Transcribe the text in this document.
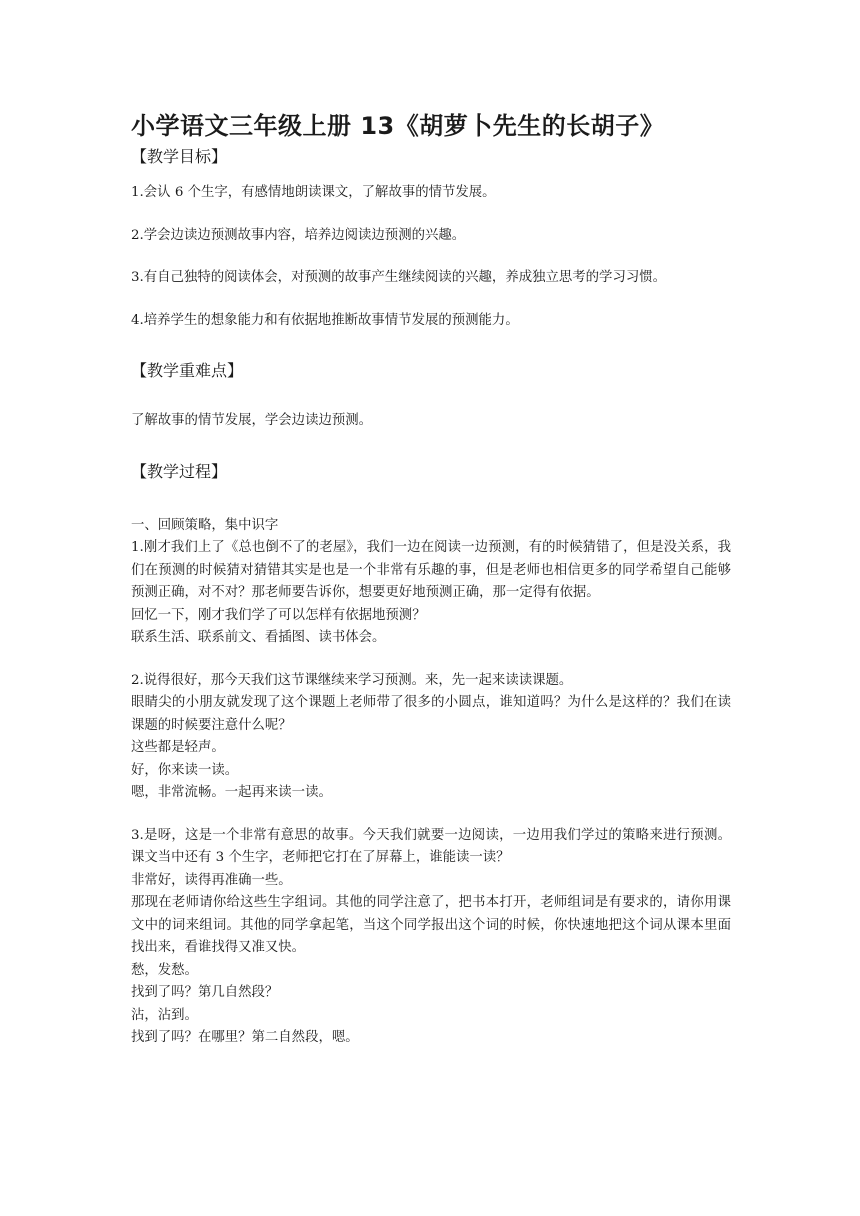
小学语文三年级上册 13《胡萝卜先生的长胡子》
【教学目标】

1.会认 6 个生字，有感情地朗读课文，了解故事的情节发展。

2.学会边读边预测故事内容，培养边阅读边预测的兴趣。

3.有自己独特的阅读体会，对预测的故事产生继续阅读的兴趣，养成独立思考的学习习惯。

4.培养学生的想象能力和有依据地推断故事情节发展的预测能力。

【教学重难点】

了解故事的情节发展，学会边读边预测。

【教学过程】

一、回顾策略，集中识字

1.刚才我们上了《总也倒不了的老屋》，我们一边在阅读一边预测，有的时候猜错了，但是没关系，我们在预测的时候猜对猜错其实是也是一个非常有乐趣的事，但是老师也相信更多的同学希望自己能够预测正确，对不对？那老师要告诉你，想要更好地预测正确，那一定得有依据。

回忆一下，刚才我们学了可以怎样有依据地预测？

联系生活、联系前文、看插图、读书体会。

2.说得很好，那今天我们这节课继续来学习预测。来，先一起来读读课题。

眼睛尖的小朋友就发现了这个课题上老师带了很多的小圆点，谁知道吗？为什么是这样的？我们在读课题的时候要注意什么呢？

这些都是轻声。

好，你来读一读。

嗯，非常流畅。一起再来读一读。

3.是呀，这是一个非常有意思的故事。今天我们就要一边阅读，一边用我们学过的策略来进行预测。课文当中还有 3 个生字，老师把它打在了屏幕上，谁能读一读？

非常好，读得再准确一些。

那现在老师请你给这些生字组词。其他的同学注意了，把书本打开，老师组词是有要求的，请你用课文中的词来组词。其他的同学拿起笔，当这个同学报出这个词的时候，你快速地把这个词从课本里面找出来，看谁找得又准又快。

愁，发愁。

找到了吗？第几自然段？

沾，沾到。

找到了吗？在哪里？第二自然段，嗯。
